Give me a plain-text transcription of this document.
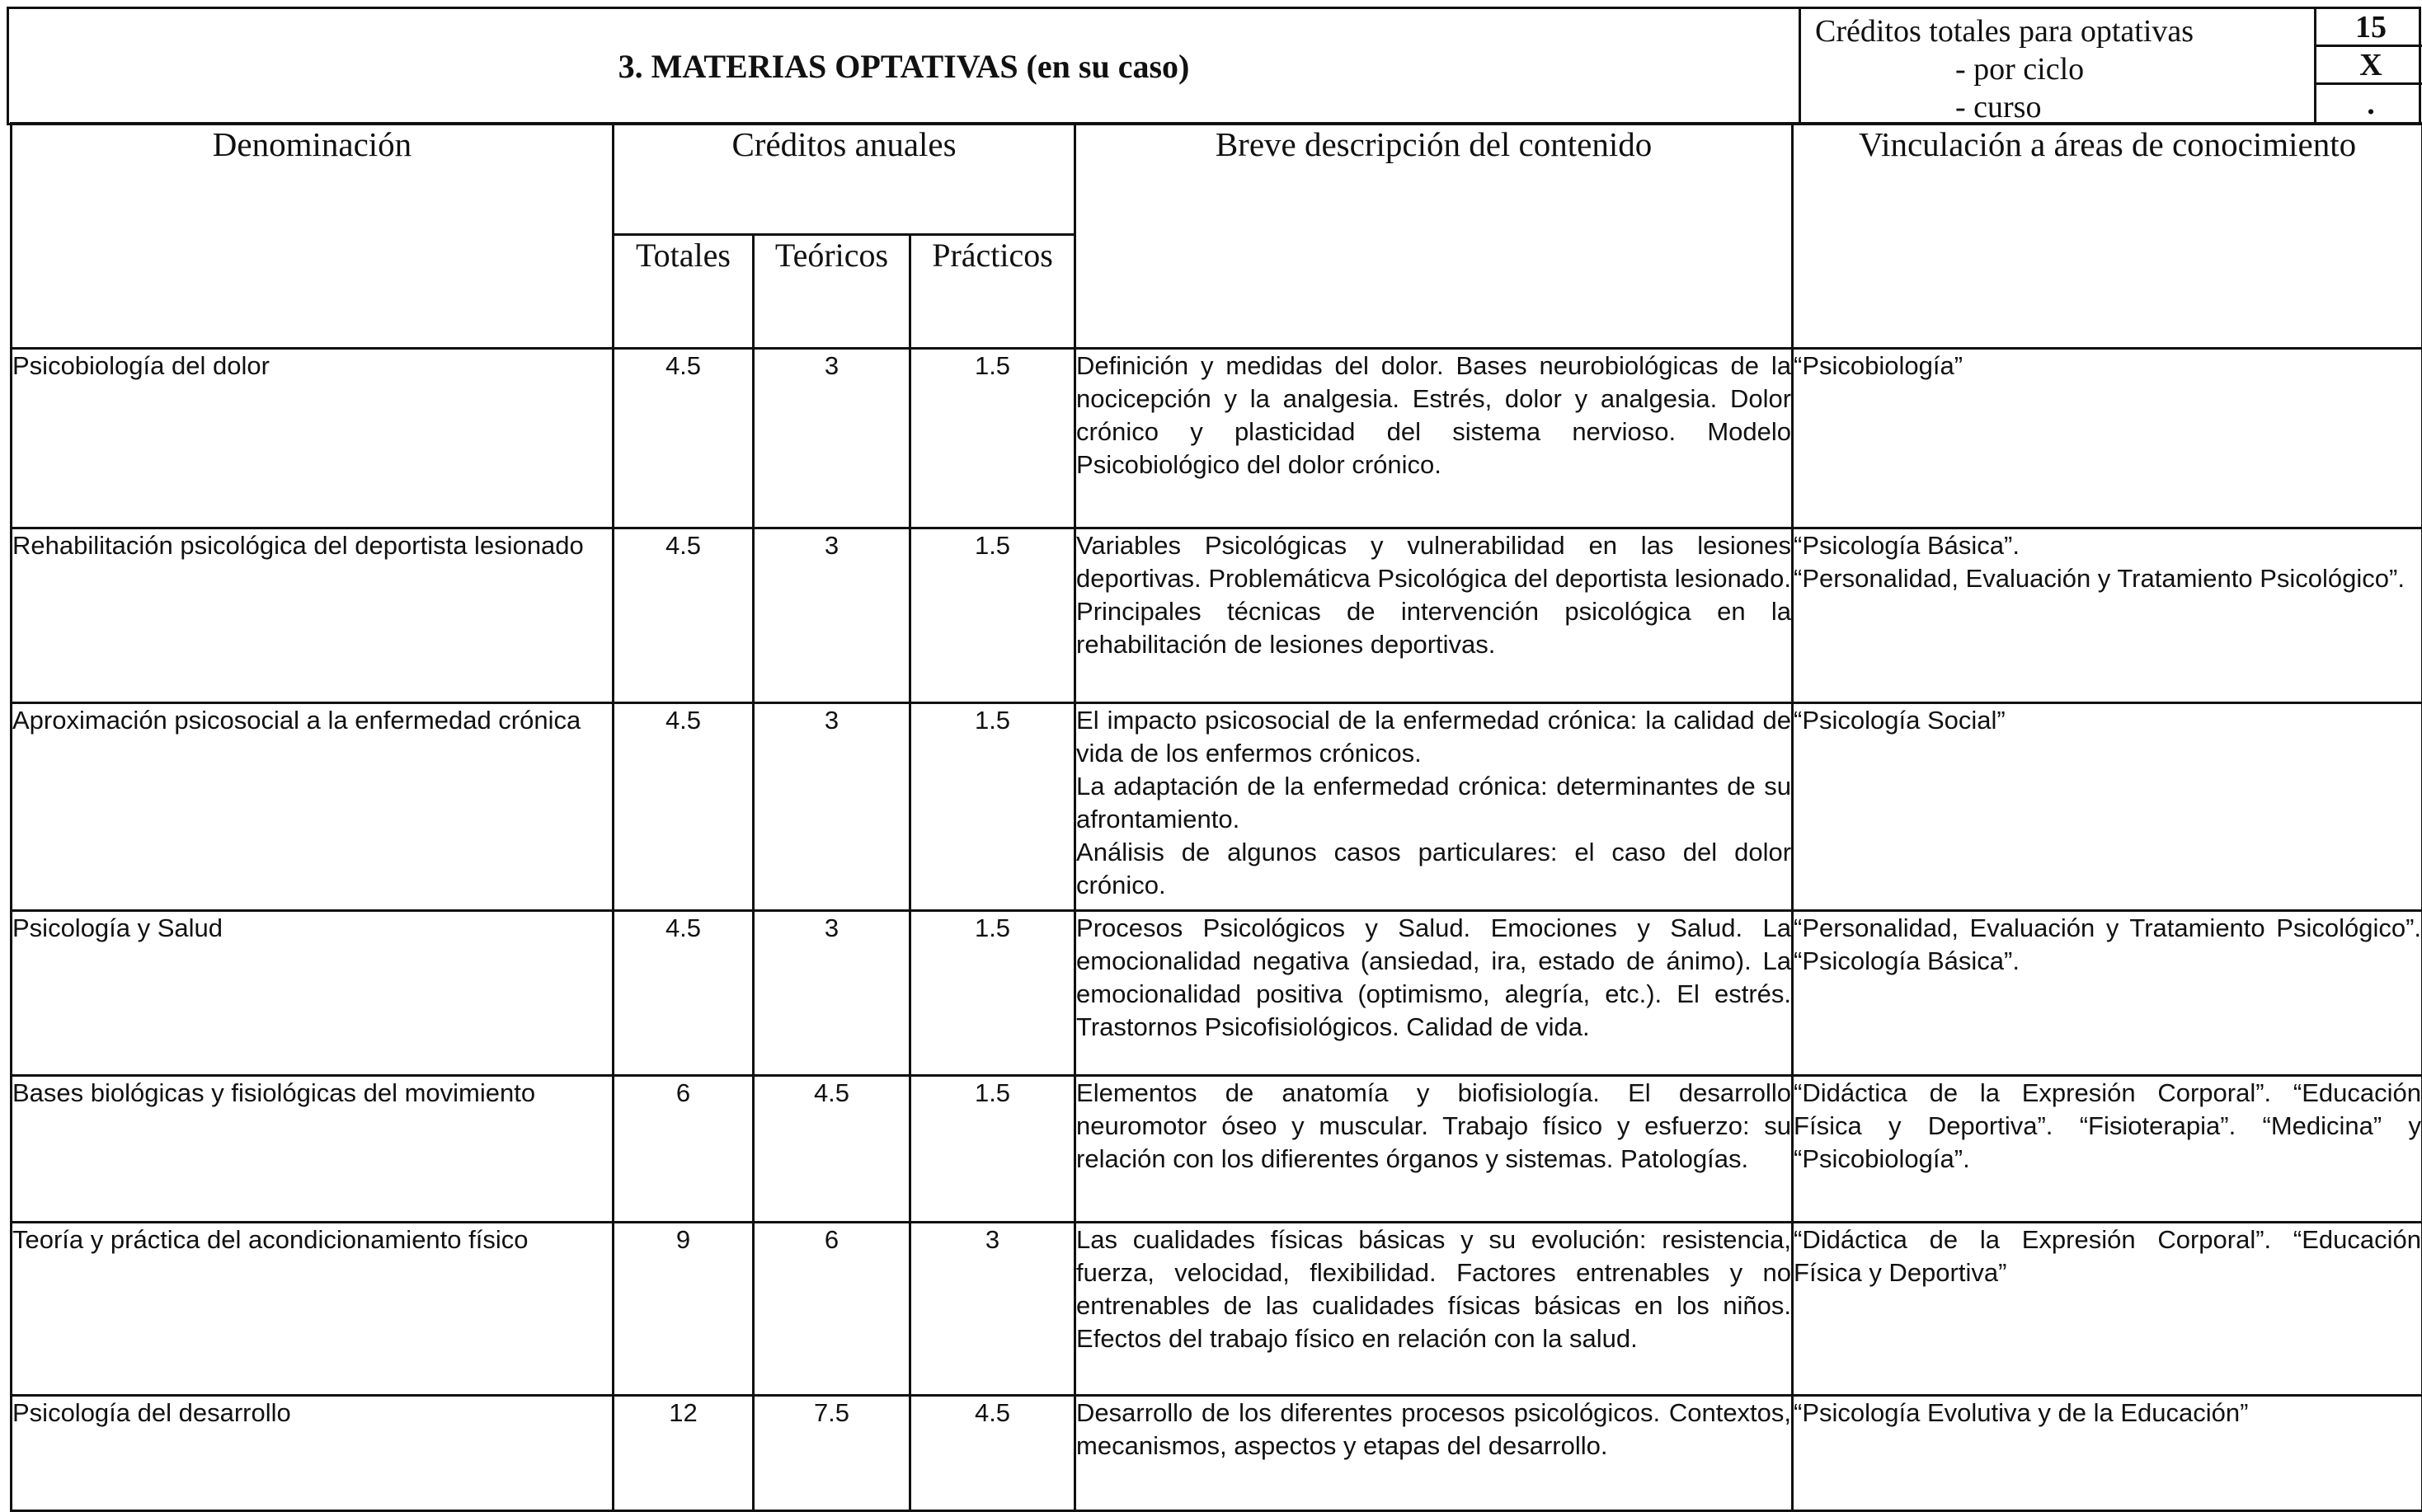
3. MATERIAS OPTATIVAS (en su caso)
Créditos totales para optativas
- por ciclo
- curso
15
X
.
Denominación	Créditos anuales			Breve descripción del contenido	Vinculación a áreas de conocimiento
	Totales	Teóricos	Prácticos		
Psicobiología del dolor	4.5	3	1.5	Definición y medidas del dolor. Bases neurobiológicas de la nocicepción y la analgesia. Estrés, dolor y analgesia. Dolor crónico y plasticidad del sistema nervioso. Modelo Psicobiológico del dolor crónico.	“Psicobiología”

Rehabilitación psicológica del deportista lesionado	4.5	3	1.5	Variables Psicológicas y vulnerabilidad en las lesiones deportivas. Problemáticva Psicológica del deportista lesionado. Principales técnicas de intervención psicológica en la rehabilitación de lesiones deportivas.	“Psicología Básica”.

“Personalidad, Evaluación y Tratamiento Psicológico”.

Aproximación psicosocial a la enfermedad crónica	4.5	3	1.5	El impacto psicosocial de la enfermedad crónica: la calidad de vida de los enfermos crónicos.

La adaptación de la enfermedad crónica: determinantes de su afrontamiento.

Análisis de algunos casos particulares: el caso del dolor crónico.	“Psicología Social”

Psicología y Salud	4.5	3	1.5	Procesos Psicológicos y Salud. Emociones y Salud. La emocionalidad negativa (ansiedad, ira, estado de ánimo). La emocionalidad positiva (optimismo, alegría, etc.). El estrés. Trastornos Psicofisiológicos. Calidad de vida.	“Personalidad, Evaluación y Tratamiento Psicológico”. “Psicología Básica”.

Bases biológicas y fisiológicas del movimiento	6	4.5	1.5	Elementos de anatomía y biofisiología. El desarrollo neuromotor óseo y muscular. Trabajo físico y esfuerzo: su relación con los difierentes órganos y sistemas. Patologías.	“Didáctica de la Expresión Corporal”. “Educación Física y Deportiva”. “Fisioterapia”. “Medicina” y “Psicobiología”.

Teoría y práctica del acondicionamiento físico	9	6	3	Las cualidades físicas básicas y su evolución: resistencia, fuerza, velocidad, flexibilidad. Factores entrenables y no entrenables de las cualidades físicas básicas en los niños. Efectos del trabajo físico en relación con la salud.	“Didáctica de la Expresión Corporal”. “Educación Física y Deportiva”

Psicología del desarrollo	12	7.5	4.5	Desarrollo de los diferentes procesos psicológicos. Contextos, mecanismos, aspectos y etapas del desarrollo.	“Psicología Evolutiva y de la Educación”
